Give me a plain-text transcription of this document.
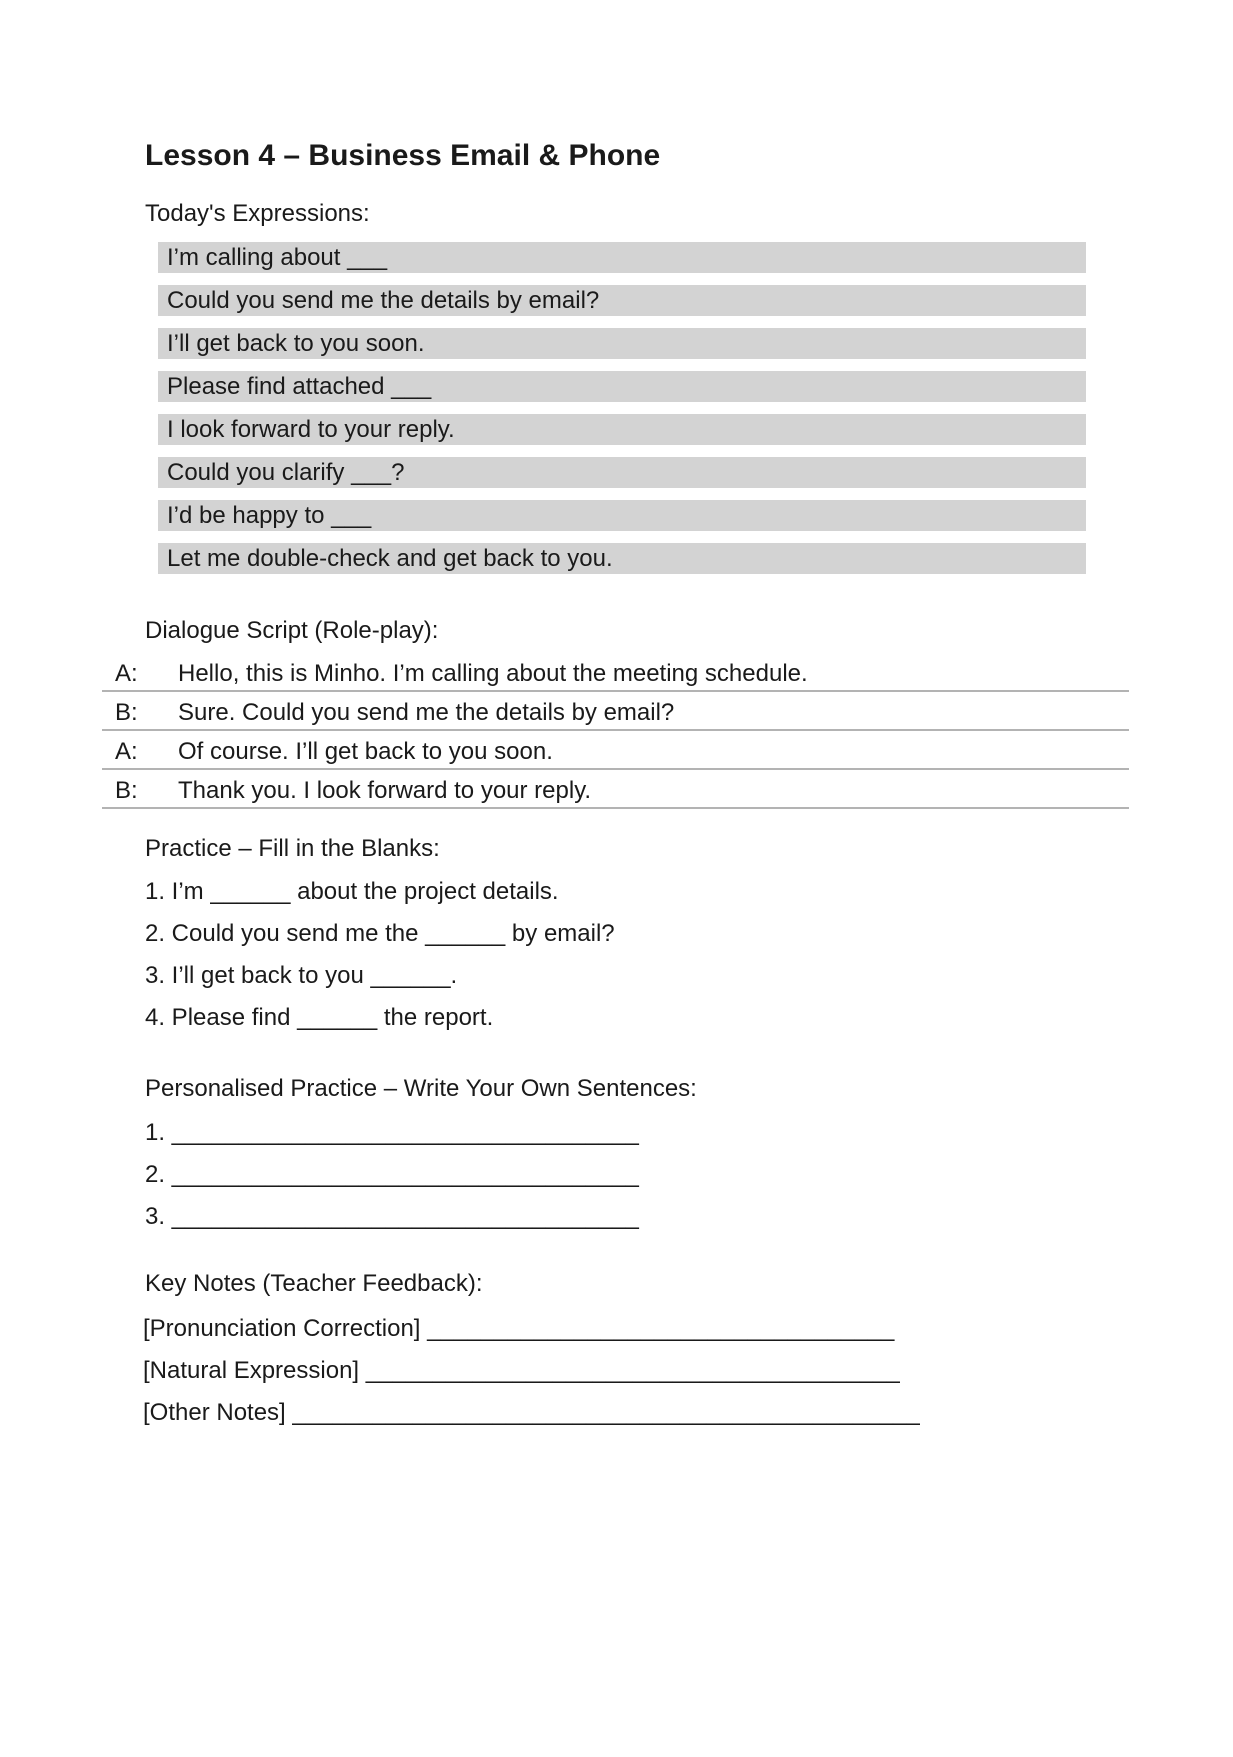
Lesson 4 – Business Email & Phone
Today's Expressions:
I’m calling about ___
Could you send me the details by email?
I’ll get back to you soon.
Please find attached ___
I look forward to your reply.
Could you clarify ___?
I’d be happy to ___
Let me double-check and get back to you.
Dialogue Script (Role-play):
A:	Hello, this is Minho. I’m calling about the meeting schedule.
B:	Sure. Could you send me the details by email?
A:	Of course. I’ll get back to you soon.
B:	Thank you. I look forward to your reply.
Practice – Fill in the Blanks:
1. I’m ______ about the project details.
2. Could you send me the ______ by email?
3. I’ll get back to you ______.
4. Please find ______ the report.
Personalised Practice – Write Your Own Sentences:
1. ___________________________________
2. ___________________________________
3. ___________________________________
Key Notes (Teacher Feedback):
[Pronunciation Correction] ___________________________________
[Natural Expression] ________________________________________
[Other Notes] _______________________________________________
